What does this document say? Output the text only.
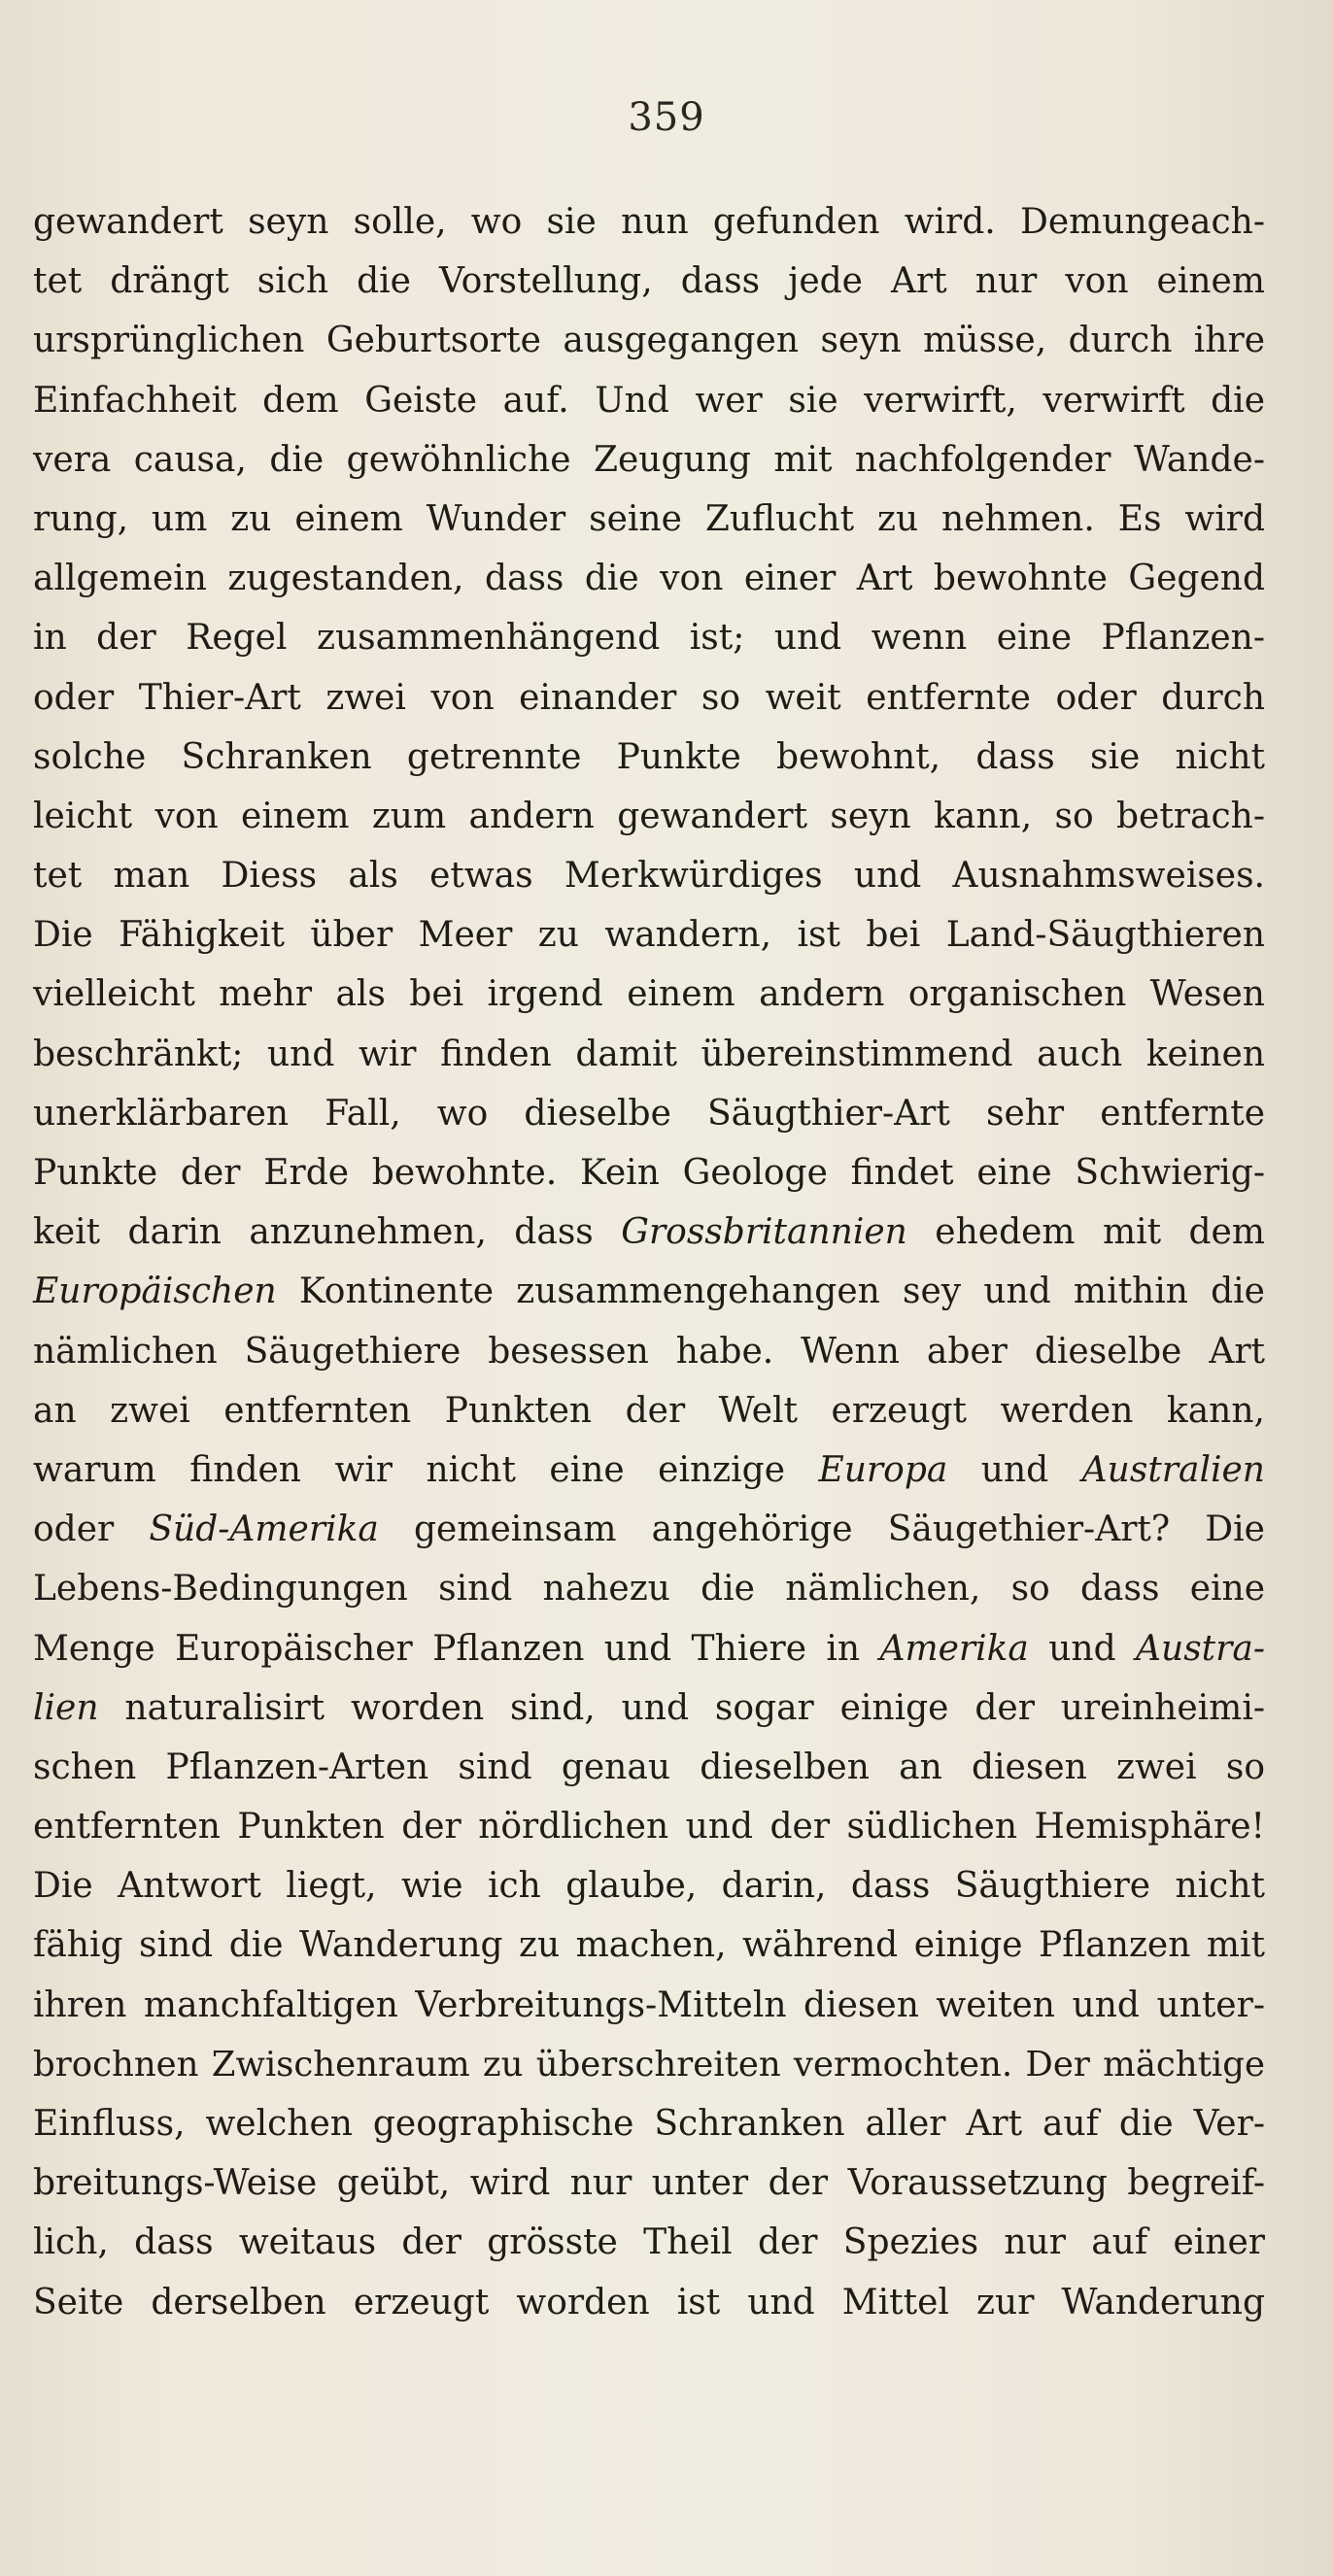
359
gewandert seyn solle, wo sie nun gefunden wird. Demungeach-
tet drängt sich die Vorstellung, dass jede Art nur von einem
ursprünglichen Geburtsorte ausgegangen seyn müsse, durch ihre
Einfachheit dem Geiste auf. Und wer sie verwirft, verwirft die
vera causa, die gewöhnliche Zeugung mit nachfolgender Wande-
rung, um zu einem Wunder seine Zuflucht zu nehmen. Es wird
allgemein zugestanden, dass die von einer Art bewohnte Gegend
in der Regel zusammenhängend ist; und wenn eine Pflanzen-
oder Thier-Art zwei von einander so weit entfernte oder durch
solche Schranken getrennte Punkte bewohnt, dass sie nicht
leicht von einem zum andern gewandert seyn kann, so betrach-
tet man Diess als etwas Merkwürdiges und Ausnahmsweises.
Die Fähigkeit über Meer zu wandern, ist bei Land-Säugthieren
vielleicht mehr als bei irgend einem andern organischen Wesen
beschränkt; und wir finden damit übereinstimmend auch keinen
unerklärbaren Fall, wo dieselbe Säugthier-Art sehr entfernte
Punkte der Erde bewohnte. Kein Geologe findet eine Schwierig-
keit darin anzunehmen, dass Grossbritannien ehedem mit dem
Europäischen Kontinente zusammengehangen sey und mithin die
nämlichen Säugethiere besessen habe. Wenn aber dieselbe Art
an zwei entfernten Punkten der Welt erzeugt werden kann,
warum finden wir nicht eine einzige Europa und Australien
oder Süd-Amerika gemeinsam angehörige Säugethier-Art? Die
Lebens-Bedingungen sind nahezu die nämlichen, so dass eine
Menge Europäischer Pflanzen und Thiere in Amerika und Austra-
lien naturalisirt worden sind, und sogar einige der ureinheimi-
schen Pflanzen-Arten sind genau dieselben an diesen zwei so
entfernten Punkten der nördlichen und der südlichen Hemisphäre!
Die Antwort liegt, wie ich glaube, darin, dass Säugthiere nicht
fähig sind die Wanderung zu machen, während einige Pflanzen mit
ihren manchfaltigen Verbreitungs-Mitteln diesen weiten und unter-
brochnen Zwischenraum zu überschreiten vermochten. Der mächtige
Einfluss, welchen geographische Schranken aller Art auf die Ver-
breitungs-Weise geübt, wird nur unter der Voraussetzung begreif-
lich, dass weitaus der grösste Theil der Spezies nur auf einer
Seite derselben erzeugt worden ist und Mittel zur Wanderung
